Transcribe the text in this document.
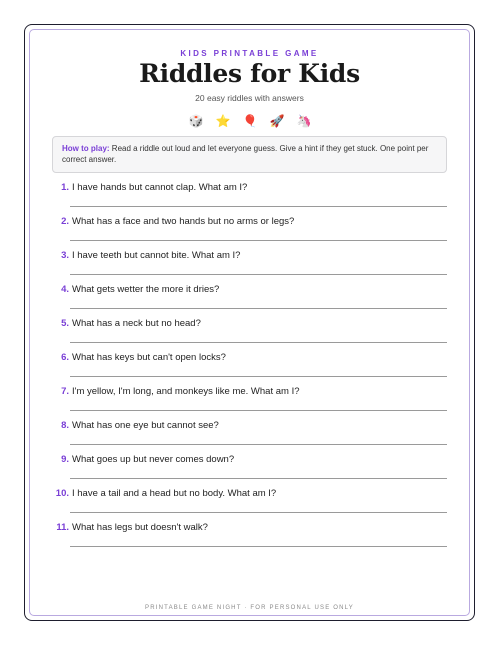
KIDS PRINTABLE GAME
Riddles for Kids
20 easy riddles with answers
🎲 ⭐ 🎈 🚀 🦄
How to play: Read a riddle out loud and let everyone guess. Give a hint if they get stuck. One point per correct answer.
1. I have hands but cannot clap. What am I?
2. What has a face and two hands but no arms or legs?
3. I have teeth but cannot bite. What am I?
4. What gets wetter the more it dries?
5. What has a neck but no head?
6. What has keys but can't open locks?
7. I'm yellow, I'm long, and monkeys like me. What am I?
8. What has one eye but cannot see?
9. What goes up but never comes down?
10. I have a tail and a head but no body. What am I?
11. What has legs but doesn't walk?
PRINTABLE GAME NIGHT · FOR PERSONAL USE ONLY
